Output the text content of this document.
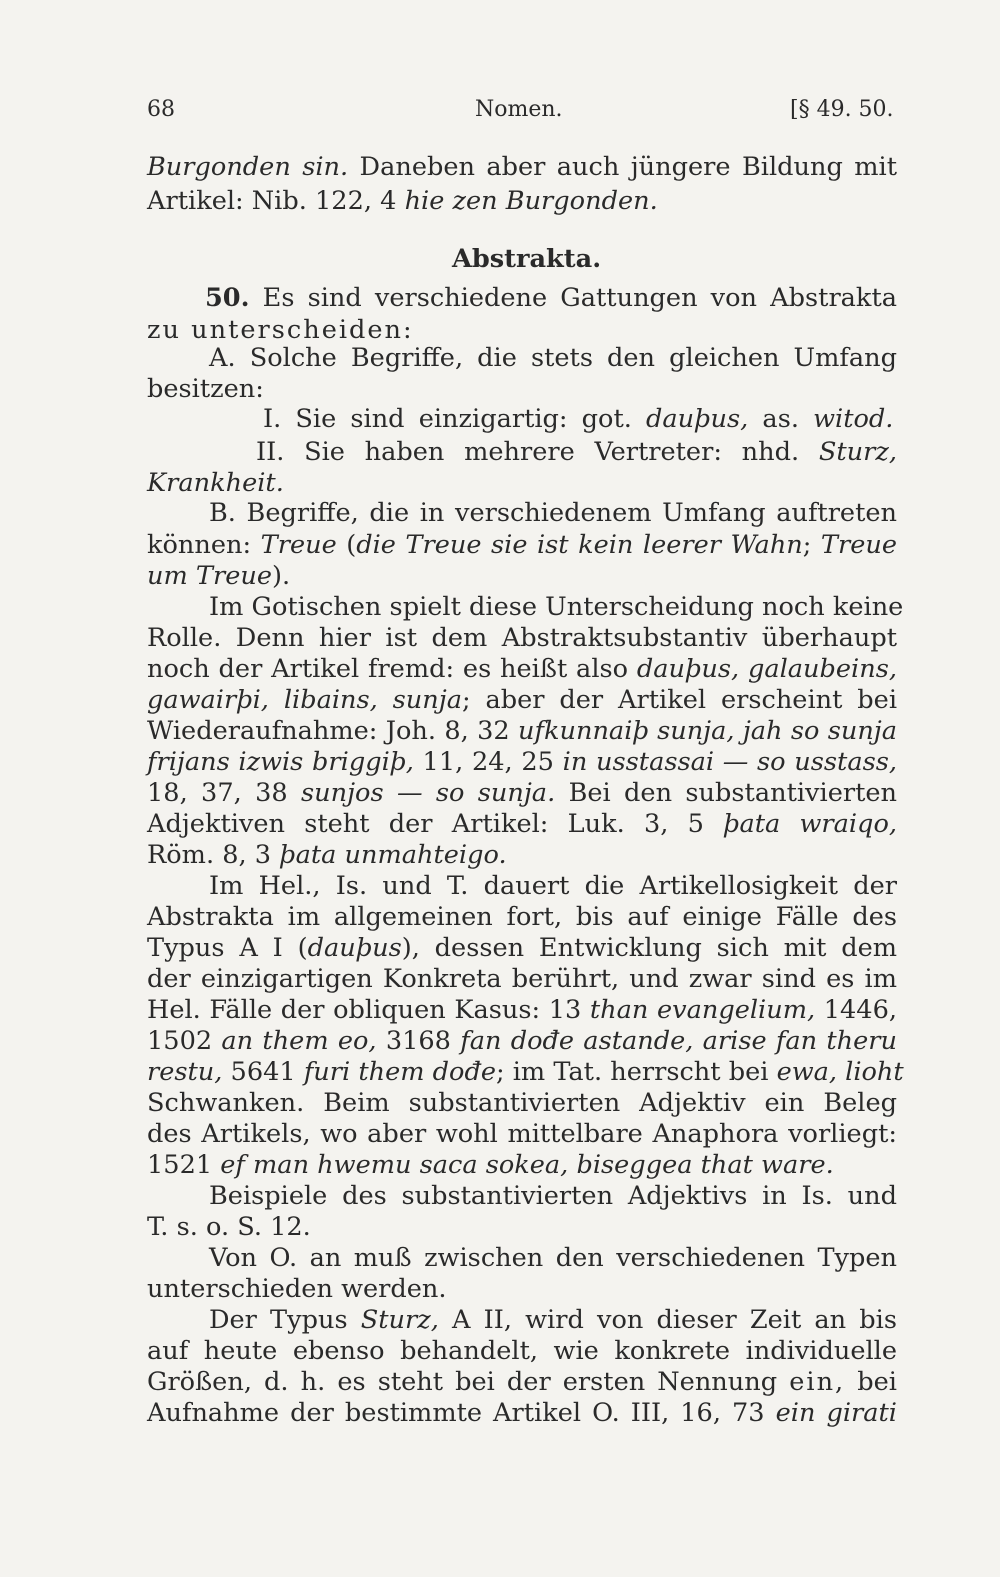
68	Nomen.	[§ 49. 50.
Burgonden sin. Daneben aber auch jüngere Bildung mit
Artikel: Nib. 122, 4 hie zen Burgonden.
Abstrakta.
50. Es sind verschiedene Gattungen von Abstrakta
zu unterscheiden:
A. Solche Begriffe, die stets den gleichen Umfang
besitzen:
I. Sie sind einzigartig: got. dauþus, as. witod.
II. Sie haben mehrere Vertreter: nhd. Sturz,
Krankheit.
B. Begriffe, die in verschiedenem Umfang auftreten
können: Treue (die Treue sie ist kein leerer Wahn; Treue
um Treue).
Im Gotischen spielt diese Unterscheidung noch keine
Rolle. Denn hier ist dem Abstraktsubstantiv überhaupt
noch der Artikel fremd: es heißt also dauþus, galaubeins,
gawairþi, libains, sunja; aber der Artikel erscheint bei
Wiederaufnahme: Joh. 8, 32 ufkunnaiþ sunja, jah so sunja
frijans izwis briggiþ, 11, 24, 25 in usstassai — so usstass,
18, 37, 38 sunjos — so sunja. Bei den substantivierten
Adjektiven steht der Artikel: Luk. 3, 5 þata wraiqo,
Röm. 8, 3 þata unmahteigo.
Im Hel., Is. und T. dauert die Artikellosigkeit der
Abstrakta im allgemeinen fort, bis auf einige Fälle des
Typus A I (dauþus), dessen Entwicklung sich mit dem
der einzigartigen Konkreta berührt, und zwar sind es im
Hel. Fälle der obliquen Kasus: 13 than evangelium, 1446,
1502 an them eo, 3168 fan dođe astande, arise fan theru
restu, 5641 furi them dođe; im Tat. herrscht bei ewa, lioht
Schwanken. Beim substantivierten Adjektiv ein Beleg
des Artikels, wo aber wohl mittelbare Anaphora vorliegt:
1521 ef man hwemu saca sokea, biseggea that ware.
Beispiele des substantivierten Adjektivs in Is. und
T. s. o. S. 12.
Von O. an muß zwischen den verschiedenen Typen
unterschieden werden.
Der Typus Sturz, A II, wird von dieser Zeit an bis
auf heute ebenso behandelt, wie konkrete individuelle
Größen, d. h. es steht bei der ersten Nennung ein, bei
Aufnahme der bestimmte Artikel O. III, 16, 73 ein girati
